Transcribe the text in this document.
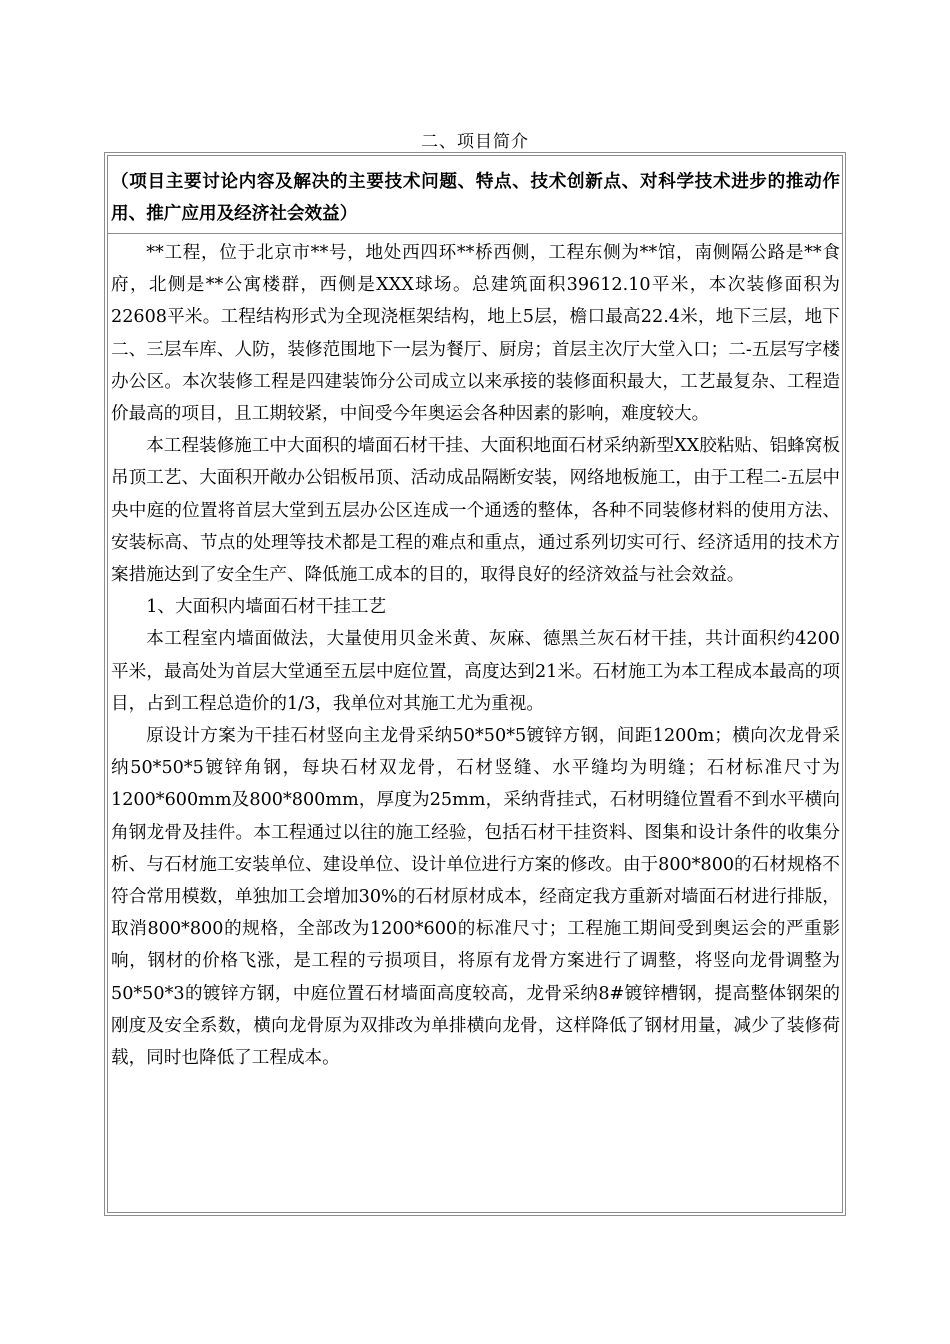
二、项目简介
（项目主要讨论内容及解决的主要技术问题、特点、技术创新点、对科学技术进步的推动作用、推广应用及经济社会效益）

**工程，位于北京市**号，地处西四环**桥西侧，工程东侧为**馆，南侧隔公路是**食府，北侧是**公寓楼群，西侧是XXX球场。总建筑面积39612.10平米，本次装修面积为22608平米。工程结构形式为全现浇框架结构，地上5层，檐口最高22.4米，地下三层，地下二、三层车库、人防，装修范围地下一层为餐厅、厨房；首层主次厅大堂入口；二-五层写字楼办公区。本次装修工程是四建装饰分公司成立以来承接的装修面积最大，工艺最复杂、工程造价最高的项目，且工期较紧，中间受今年奥运会各种因素的影响，难度较大。

本工程装修施工中大面积的墙面石材干挂、大面积地面石材采纳新型XX胶粘贴、铝蜂窝板吊顶工艺、大面积开敞办公铝板吊顶、活动成品隔断安装，网络地板施工，由于工程二-五层中央中庭的位置将首层大堂到五层办公区连成一个通透的整体，各种不同装修材料的使用方法、安装标高、节点的处理等技术都是工程的难点和重点，通过系列切实可行、经济适用的技术方案措施达到了安全生产、降低施工成本的目的，取得良好的经济效益与社会效益。

1、大面积内墙面石材干挂工艺

本工程室内墙面做法，大量使用贝金米黄、灰麻、德黑兰灰石材干挂，共计面积约4200平米，最高处为首层大堂通至五层中庭位置，高度达到21米。石材施工为本工程成本最高的项目，占到工程总造价的1/3，我单位对其施工尤为重视。

原设计方案为干挂石材竖向主龙骨采纳50*50*5镀锌方钢，间距1200m；横向次龙骨采纳50*50*5镀锌角钢，每块石材双龙骨，石材竖缝、水平缝均为明缝；石材标准尺寸为1200*600mm及800*800mm，厚度为25mm，采纳背挂式，石材明缝位置看不到水平横向角钢龙骨及挂件。本工程通过以往的施工经验，包括石材干挂资料、图集和设计条件的收集分析、与石材施工安装单位、建设单位、设计单位进行方案的修改。由于800*800的石材规格不符合常用模数，单独加工会增加30%的石材原材成本，经商定我方重新对墙面石材进行排版，取消800*800的规格，全部改为1200*600的标准尺寸；工程施工期间受到奥运会的严重影响，钢材的价格飞涨，是工程的亏损项目，将原有龙骨方案进行了调整，将竖向龙骨调整为50*50*3的镀锌方钢，中庭位置石材墙面高度较高，龙骨采纳8#镀锌槽钢，提高整体钢架的刚度及安全系数，横向龙骨原为双排改为单排横向龙骨，这样降低了钢材用量，减少了装修荷载，同时也降低了工程成本。
